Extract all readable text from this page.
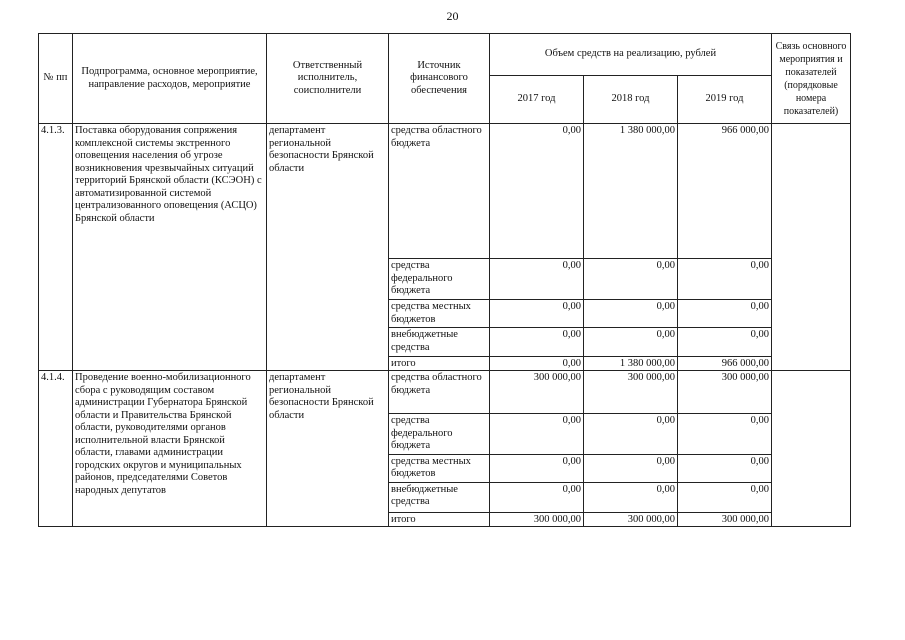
20
№ пп	Подпрограмма, основное мероприятие, направление расходов, мероприятие	Ответственный исполнитель, соисполнители	Источник финансового обеспечения	Объем средств на реализацию, рублей			Связь основного мероприятия и показателей (порядковые номера показателей)
				2017 год	2018 год	2019 год	
4.1.3.	Поставка оборудования сопряжения комплексной системы экстренного оповещения населения об угрозе возникновения чрезвычайных ситуаций территорий Брянской области (КСЭОН) с автоматизированной системой централизованного оповещения (АСЦО) Брянской области	департамент региональной безопасности Брянской области	средства областного бюджета	0,00	1 380 000,00	966 000,00	
			средства федерального бюджета	0,00	0,00	0,00	
			средства местных бюджетов	0,00	0,00	0,00	
			внебюджетные средства	0,00	0,00	0,00	
			итого	0,00	1 380 000,00	966 000,00	
4.1.4.	Проведение военно-мобилизационного сбора с руководящим составом администрации Губернатора Брянской области и Правительства Брянской области, руководителями органов исполнительной власти Брянской области, главами администрации городских округов и муниципальных районов, председателями Советов народных депутатов	департамент региональной безопасности Брянской области	средства областного бюджета	300 000,00	300 000,00	300 000,00	
			средства федерального бюджета	0,00	0,00	0,00	
			средства местных бюджетов	0,00	0,00	0,00	
			внебюджетные средства	0,00	0,00	0,00	
			итого	300 000,00	300 000,00	300 000,00	
